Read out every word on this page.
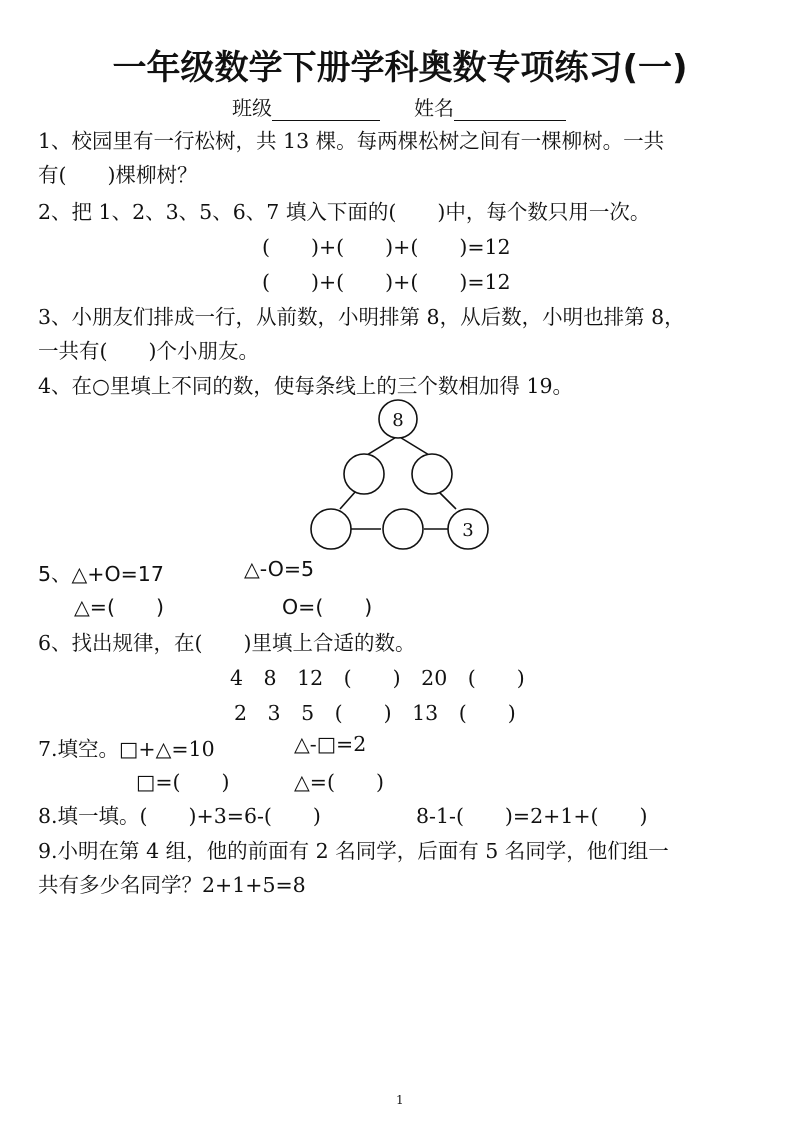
一年级数学下册学科奥数专项练习(一)
班级	姓名
1、校园里有一行松树，共 13 棵。每两棵松树之间有一棵柳树。一共
有(　　)棵柳树？
2、把 1、2、3、5、6、7 填入下面的(　　)中，每个数只用一次。
(　　)+(　　)+(　　)=12
(　　)+(　　)+(　　)=12
3、小朋友们排成一行，从前数，小明排第 8，从后数，小明也排第 8，
一共有(　　)个小朋友。
4、在○里填上不同的数，使每条线上的三个数相加得 19。
8
3
5、△+O=17	△-O=5
△=(　　)	O=(　　)
6、找出规律，在(　　)里填上合适的数。
4　8　12　(　　)　20　(　　)
2　3　5　(　　)　13　(　　)
7.填空。□+△=10	△-□=2
□=(　　)	△=(　　)
8.填一填。(　　)+3=6-(　　)	8-1-(　　)=2+1+(　　)
9.小明在第 4 组，他的前面有 2 名同学，后面有 5 名同学，他们组一
共有多少名同学？2+1+5=8
1
